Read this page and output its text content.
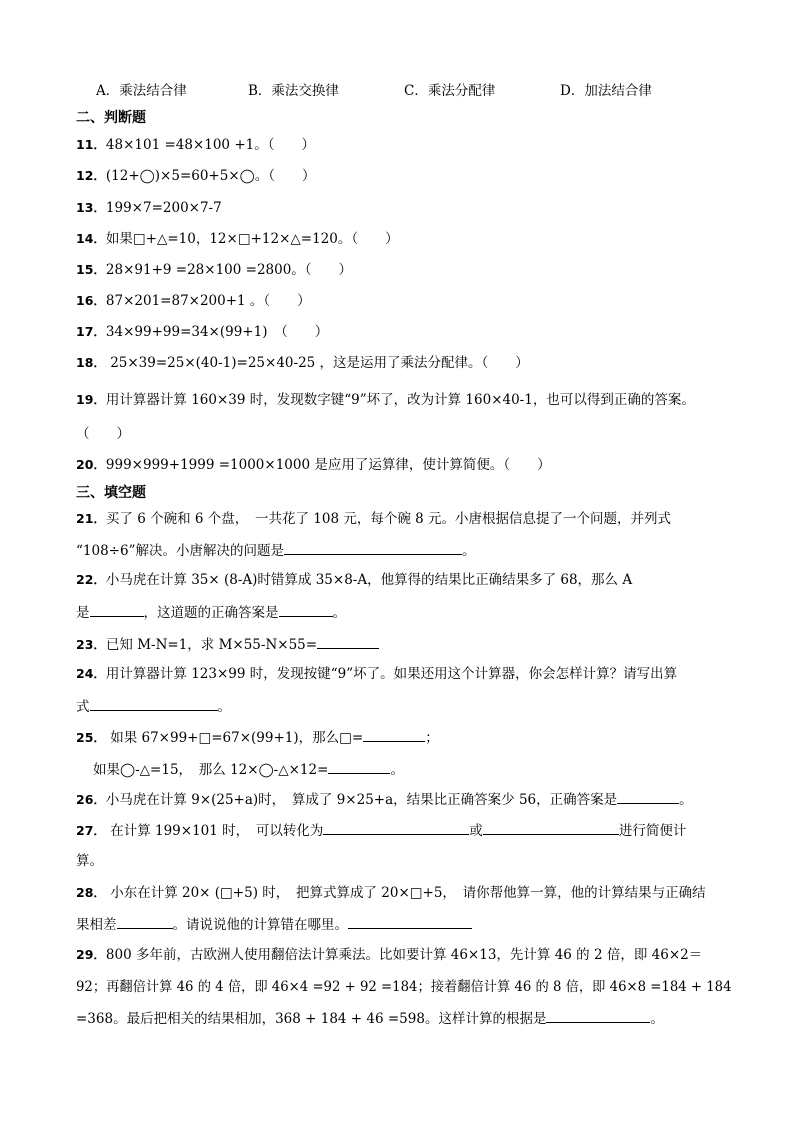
A．乘法结合律	B．乘法交换律	C．乘法分配律	D．加法结合律
二、判断题
11．48×101 =48×100 +1。（　　）
12．(12+◯)×5=60+5×◯。（　　）
13．199×7=200×7-7
14．如果□+△=10，12×□+12×△=120。（　　）
15．28×91+9 =28×100 =2800。（　　）
16．87×201=87×200+1 。（　　）
17．34×99+99=34×(99+1)　（　　）
18． 25×39=25×(40-1)=25×40-25 ，这是运用了乘法分配律。（　　）
19．用计算器计算 160×39 时，发现数字键“9”坏了，改为计算 160×40-1，也可以得到正确的答案。
（　　）
20．999×999+1999 =1000×1000 是应用了运算律，使计算简便。（　　）
三、填空题
21．买了 6 个碗和 6 个盘，　一共花了 108 元，每个碗 8 元。小唐根据信息提了一个问题，并列式
“108÷6”解决。小唐解决的问题是	。
22．小马虎在计算 35× (8-A)时错算成 35×8-A，他算得的结果比正确结果多了 68，那么 A
是	，这道题的正确答案是	。
23．已知 M-N=1，求 M×55-N×55=
24．用计算器计算 123×99 时，发现按键“9”坏了。如果还用这个计算器，你会怎样计算？请写出算
式	。
25． 如果 67×99+□=67×(99+1)，那么□=	；
如果◯-△=15，　那么 12×◯-△×12=	。
26．小马虎在计算 9×(25+a)时，　算成了 9×25+a，结果比正确答案少 56，正确答案是	。
27． 在计算 199×101 时，　可以转化为	或	进行简便计
算。
28． 小东在计算 20× (□+5) 时，　把算式算成了 20×□+5，　请你帮他算一算，他的计算结果与正确结
果相差	。请说说他的计算错在哪里。
29．800 多年前，古欧洲人使用翻倍法计算乘法。比如要计算 46×13，先计算 46 的 2 倍，即 46×2＝
92；再翻倍计算 46 的 4 倍，即 46×4 =92 + 92 =184；接着翻倍计算 46 的 8 倍，即 46×8 =184 + 184
=368。最后把相关的结果相加，368 + 184 + 46 =598。这样计算的根据是	。
